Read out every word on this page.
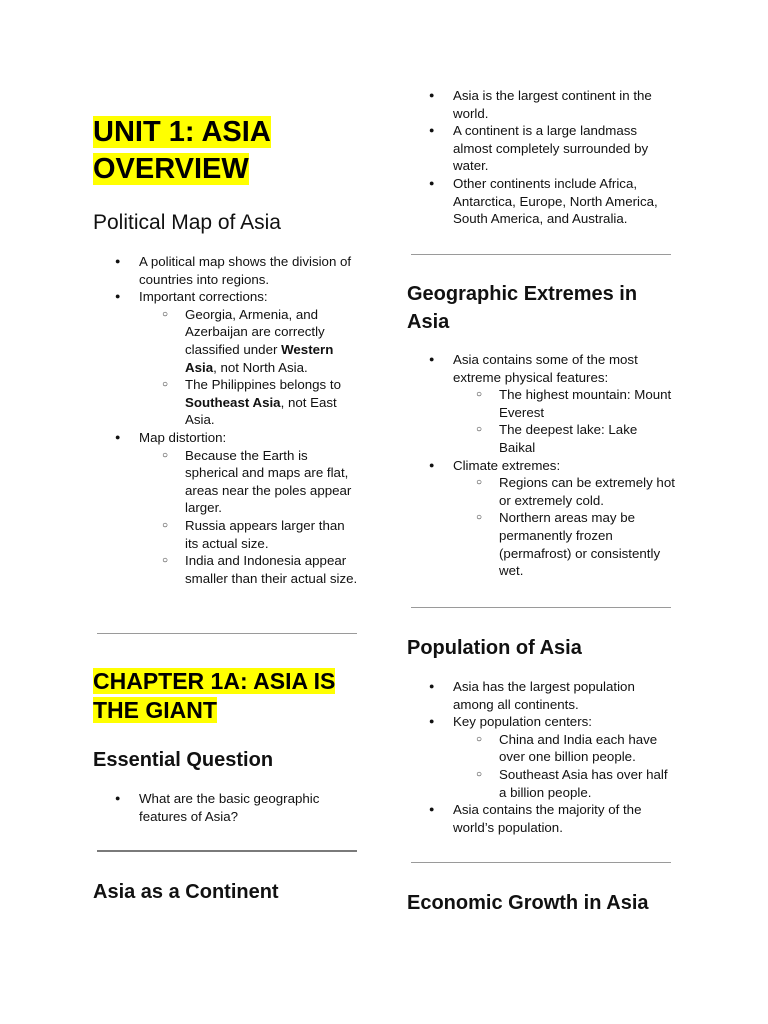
UNIT 1: ASIA OVERVIEW
Political Map of Asia
● A political map shows the division of countries into regions.
● Important corrections:
○ Georgia, Armenia, and Azerbaijan are correctly classified under Western Asia, not North Asia.
○ The Philippines belongs to Southeast Asia, not East Asia.
● Map distortion:
○ Because the Earth is spherical and maps are flat, areas near the poles appear larger.
○ Russia appears larger than its actual size.
○ India and Indonesia appear smaller than their actual size.
CHAPTER 1A: ASIA IS THE GIANT
Essential Question
● What are the basic geographic features of Asia?
Asia as a Continent
● Asia is the largest continent in the world.
● A continent is a large landmass almost completely surrounded by water.
● Other continents include Africa, Antarctica, Europe, North America, South America, and Australia.
Geographic Extremes in Asia
● Asia contains some of the most extreme physical features:
○ The highest mountain: Mount Everest
○ The deepest lake: Lake Baikal
● Climate extremes:
○ Regions can be extremely hot or extremely cold.
○ Northern areas may be permanently frozen (permafrost) or consistently wet.
Population of Asia
● Asia has the largest population among all continents.
● Key population centers:
○ China and India each have over one billion people.
○ Southeast Asia has over half a billion people.
● Asia contains the majority of the world’s population.
Economic Growth in Asia
